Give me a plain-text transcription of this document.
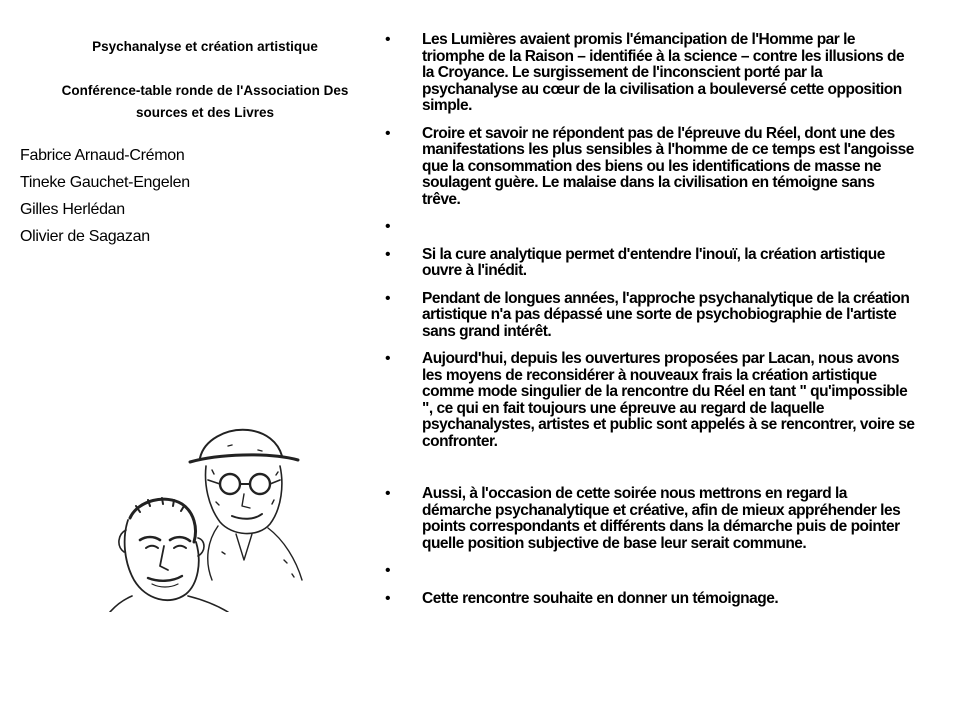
Psychanalyse et création artistique

Conférence-table ronde de l'Association Des sources et des Livres

Fabrice Arnaud-Crémon
Tineke Gauchet-Engelen
Gilles Herlédan
Olivier de Sagazan
• Les Lumières avaient promis l'émancipation de l'Homme par le triomphe de la Raison – identifiée à la science – contre les illusions de la Croyance. Le surgissement de l'inconscient porté par la psychanalyse au cœur de la civilisation a bouleversé cette opposition simple.
• Croire et savoir ne répondent pas de l'épreuve du Réel, dont une des manifestations les plus sensibles à l'homme de ce temps est l'angoisse que la consommation des biens ou les identifications de masse ne soulagent guère. Le malaise dans la civilisation en témoigne sans trêve.
•
• Si la cure analytique permet d'entendre l'inouï, la création artistique ouvre à l'inédit.
• Pendant de longues années, l'approche psychanalytique de la création artistique n'a pas dépassé une sorte de psychobiographie de l'artiste sans grand intérêt.
• Aujourd'hui, depuis les ouvertures proposées par Lacan, nous avons les moyens de reconsidérer à nouveaux frais la création artistique comme mode singulier de la rencontre du Réel en tant " qu'impossible ", ce qui en fait toujours une épreuve au regard de laquelle psychanalystes, artistes et public sont appelés à se rencontrer, voire se confronter.
• Aussi, à l'occasion de cette soirée nous mettrons en regard la démarche psychanalytique et créative, afin de mieux appréhender les points correspondants et différents dans la démarche puis de pointer quelle position subjective de base leur serait commune.
•
• Cette rencontre souhaite en donner un témoignage.
